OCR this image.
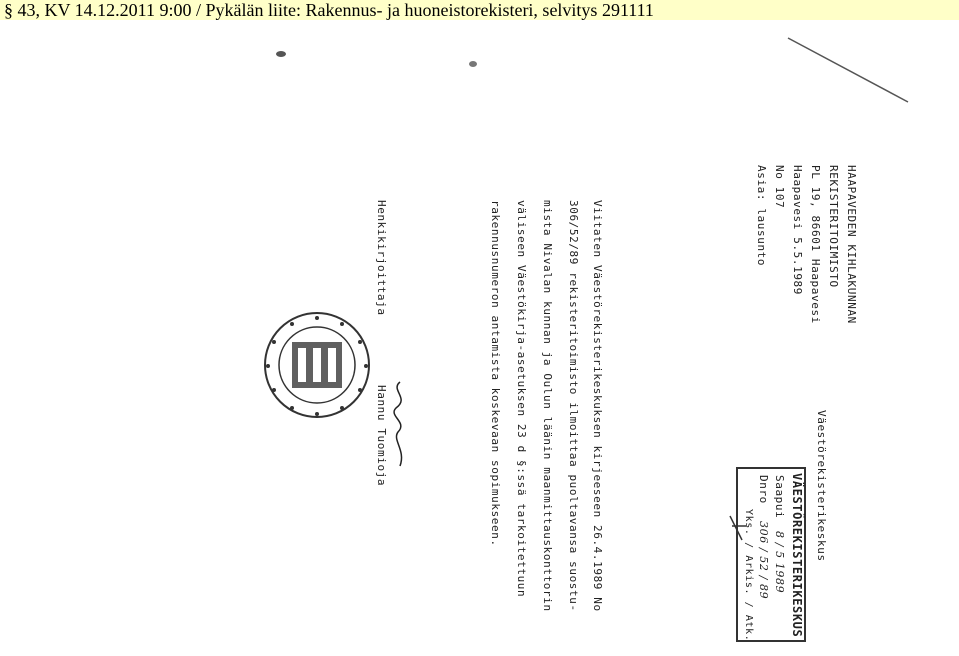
§ 43, KV 14.12.2011 9:00 / Pykälän liite: Rakennus- ja huoneistorekisteri, selvitys 291111
HAAPAVEDEN KIHLAKUNNAN
REKISTERITOIMISTO
PL 19, 86601 Haapavesi
Haapavesi 5.5.1989
No 107
Asia: lausunto
Väestörekisterikeskus
Viitaten Väestörekisterikeskuksen kirjeeseen 26.4.1989 No
306/52/89 rekisteritoimisto ilmoittaa puoltavansa suostu-
mista Nivalan kunnan ja Oulun läänin maanmittauskonttorin
väliseen Väestökirja-asetuksen 23 d §:ssä tarkoitettuun
rakennusnumeron antamista koskevaan sopimukseen.
Henkikirjoittaja
Hannu Tuomioja
VÄESTÖREKISTERIKESKUS
Saapui
8 / 5 1989
Dnro
306 / 52 / 89
Yks. / Arkis. / Atk.
